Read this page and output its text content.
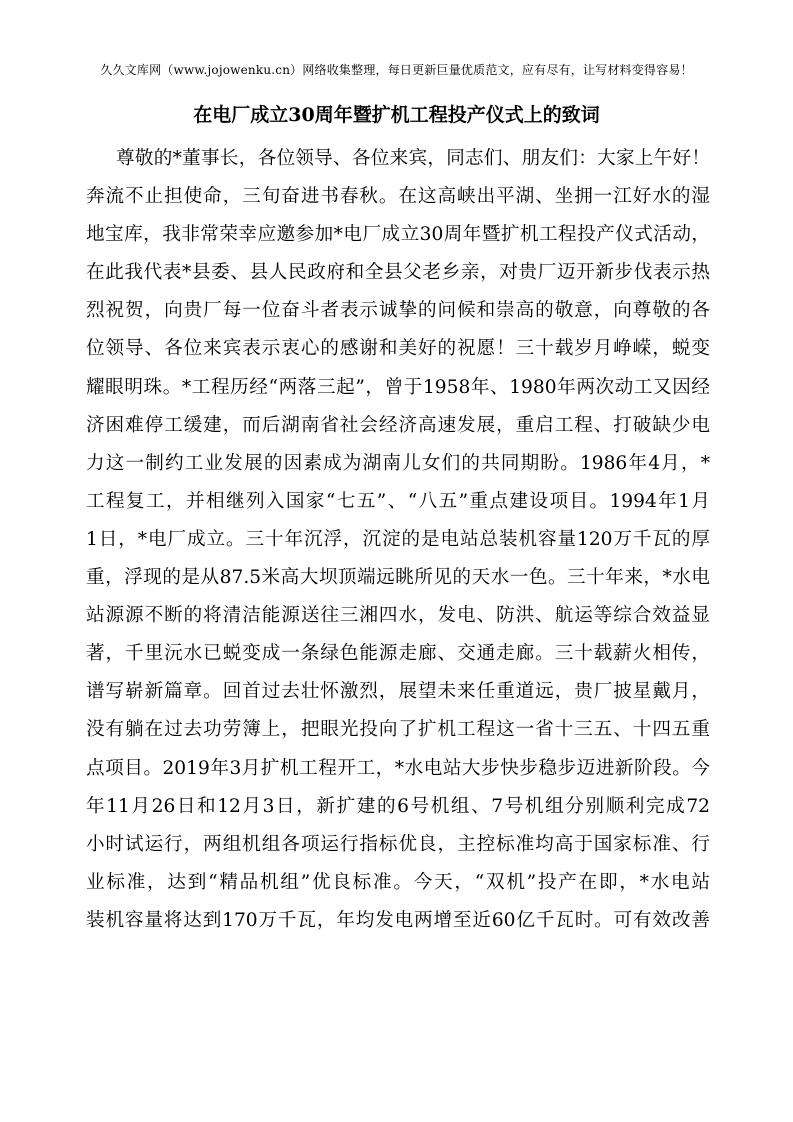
久久文库网（www.jojowenku.cn）网络收集整理，每日更新巨量优质范文，应有尽有，让写材料变得容易！
在电厂成立30周年暨扩机工程投产仪式上的致词
尊敬的*董事长，各位领导、各位来宾，同志们、朋友们：大家上午好！
奔流不止担使命，三旬奋进书春秋。在这高峡出平湖、坐拥一江好水的湿
地宝库，我非常荣幸应邀参加*电厂成立30周年暨扩机工程投产仪式活动，
在此我代表*县委、县人民政府和全县父老乡亲，对贵厂迈开新步伐表示热
烈祝贺，向贵厂每一位奋斗者表示诚挚的问候和崇高的敬意，向尊敬的各
位领导、各位来宾表示衷心的感谢和美好的祝愿！三十载岁月峥嵘，蜕变
耀眼明珠。*工程历经“两落三起”，曾于1958年、1980年两次动工又因经
济困难停工缓建，而后湖南省社会经济高速发展，重启工程、打破缺少电
力这一制约工业发展的因素成为湖南儿女们的共同期盼。1986年4月，*
工程复工，并相继列入国家“七五”、“八五”重点建设项目。1994年1月
1日，*电厂成立。三十年沉浮，沉淀的是电站总装机容量120万千瓦的厚
重，浮现的是从87.5米高大坝顶端远眺所见的天水一色。三十年来，*水电
站源源不断的将清洁能源送往三湘四水，发电、防洪、航运等综合效益显
著，千里沅水已蜕变成一条绿色能源走廊、交通走廊。三十载薪火相传，
谱写崭新篇章。回首过去壮怀激烈，展望未来任重道远，贵厂披星戴月，
没有躺在过去功劳簿上，把眼光投向了扩机工程这一省十三五、十四五重
点项目。2019年3月扩机工程开工，*水电站大步快步稳步迈进新阶段。今
年11月26日和12月3日，新扩建的6号机组、7号机组分别顺利完成72
小时试运行，两组机组各项运行指标优良，主控标准均高于国家标准、行
业标准，达到“精品机组”优良标准。今天，“双机”投产在即，*水电站
装机容量将达到170万千瓦，年均发电两增至近60亿千瓦时。可有效改善
